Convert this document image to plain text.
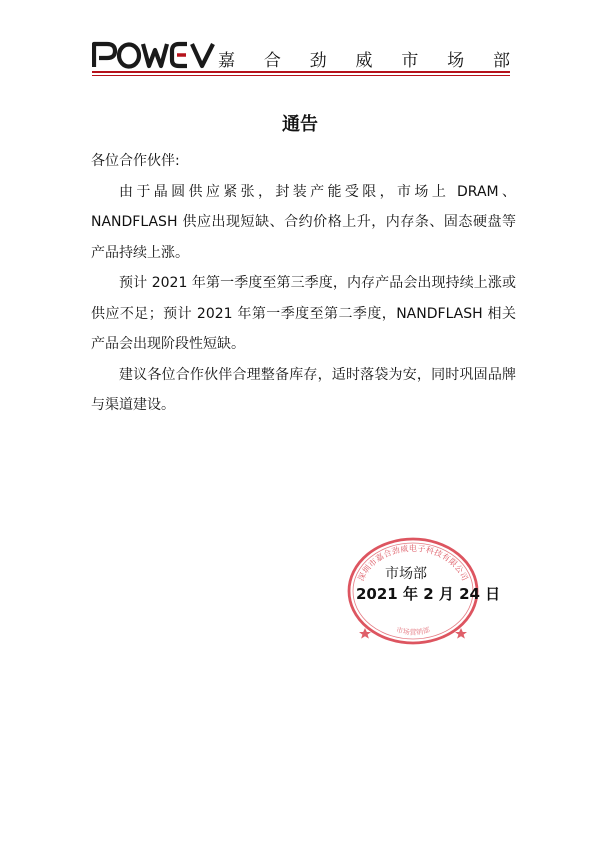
嘉 合 劲 威 市 场 部
通告

各位合作伙伴:

由于晶圆供应紧张，封装产能受限，市场上 DRAM、NANDFLASH 供应出现短缺、合约价格上升，内存条、固态硬盘等产品持续上涨。

预计 2021 年第一季度至第三季度，内存产品会出现持续上涨或供应不足；预计 2021 年第一季度至第二季度，NANDFLASH 相关产品会出现阶段性短缺。

建议各位合作伙伴合理整备库存，适时落袋为安，同时巩固品牌与渠道建设。

深圳市嘉合劲威电子科技有限公司
市场营销部
市场部
2021 年 2 月 24 日
